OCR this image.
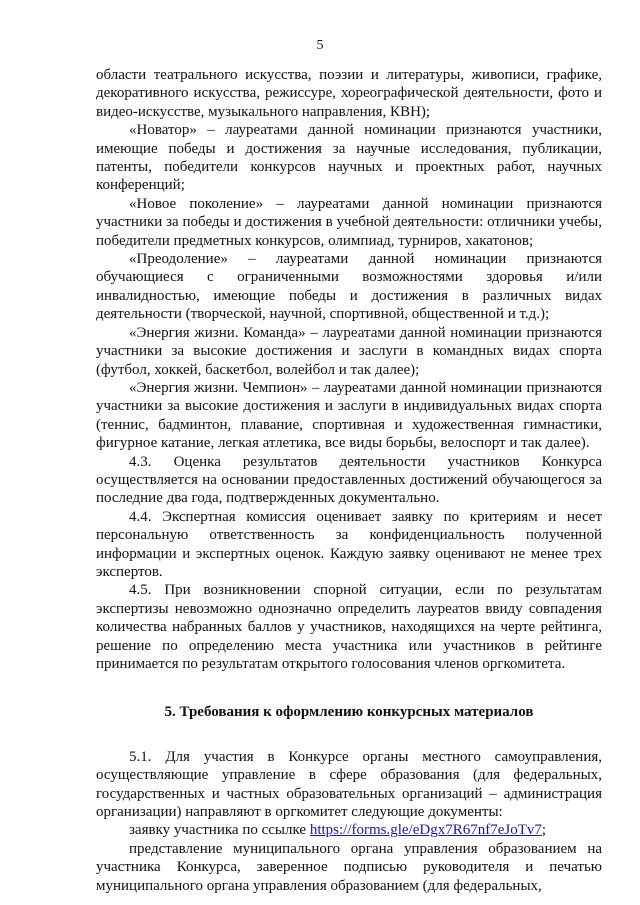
5

области театрального искусства, поэзии и литературы, живописи, графике, декоративного искусства, режиссуре, хореографической деятельности, фото и видео-искусстве, музыкального направления, КВН);

«Новатор» – лауреатами данной номинации признаются участники, имеющие победы и достижения за научные исследования, публикации, патенты, победители конкурсов научных и проектных работ, научных конференций;

«Новое поколение» – лауреатами данной номинации признаются участники за победы и достижения в учебной деятельности: отличники учебы, победители предметных конкурсов, олимпиад, турниров, хакатонов;

«Преодоление» – лауреатами данной номинации признаются обучающиеся с ограниченными возможностями здоровья и/или инвалидностью, имеющие победы и достижения в различных видах деятельности (творческой, научной, спортивной, общественной и т.д.);

«Энергия жизни. Команда» – лауреатами данной номинации признаются участники за высокие достижения и заслуги в командных видах спорта (футбол, хоккей, баскетбол, волейбол и так далее);

«Энергия жизни. Чемпион» – лауреатами данной номинации признаются участники за высокие достижения и заслуги в индивидуальных видах спорта (теннис, бадминтон, плавание, спортивная и художественная гимнастики, фигурное катание, легкая атлетика, все виды борьбы, велоспорт и так далее).

4.3. Оценка результатов деятельности участников Конкурса осуществляется на основании предоставленных достижений обучающегося за последние два года, подтвержденных документально.

4.4. Экспертная комиссия оценивает заявку по критериям и несет персональную ответственность за конфиденциальность полученной информации и экспертных оценок. Каждую заявку оценивают не менее трех экспертов.

4.5. При возникновении спорной ситуации, если по результатам экспертизы невозможно однозначно определить лауреатов ввиду совпадения количества набранных баллов у участников, находящихся на черте рейтинга, решение по определению места участника или участников в рейтинге принимается по результатам открытого голосования членов оргкомитета.

5. Требования к оформлению конкурсных материалов

5.1. Для участия в Конкурсе органы местного самоуправления, осуществляющие управление в сфере образования (для федеральных, государственных и частных образовательных организаций – администрация организации) направляют в оргкомитет следующие документы:

заявку участника по ссылке https://forms.gle/eDgx7R67nf7eJoTv7;

представление муниципального органа управления образованием на участника Конкурса, заверенное подписью руководителя и печатью муниципального органа управления образованием (для федеральных,
